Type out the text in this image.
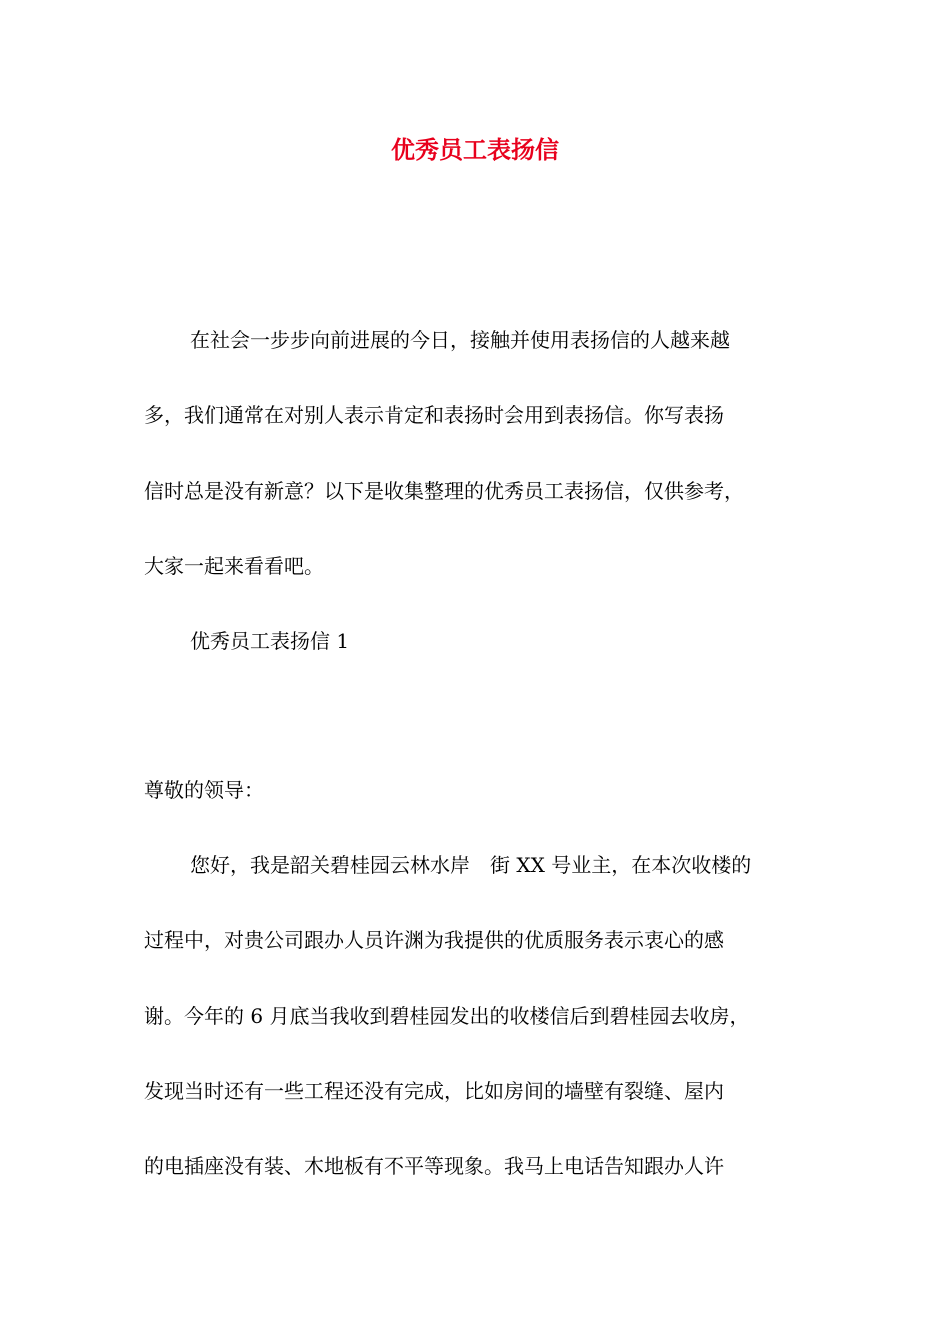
优秀员工表扬信
在社会一步步向前进展的今日，接触并使用表扬信的人越来越
多，我们通常在对别人表示肯定和表扬时会用到表扬信。你写表扬
信时总是没有新意？以下是收集整理的优秀员工表扬信，仅供参考，
大家一起来看看吧。
优秀员工表扬信 1
尊敬的领导：
您好，我是韶关碧桂园云林水岸　街 XX 号业主，在本次收楼的
过程中，对贵公司跟办人员许渊为我提供的优质服务表示衷心的感
谢。今年的 6 月底当我收到碧桂园发出的收楼信后到碧桂园去收房，
发现当时还有一些工程还没有完成，比如房间的墙壁有裂缝、屋内
的电插座没有装、木地板有不平等现象。我马上电话告知跟办人许
